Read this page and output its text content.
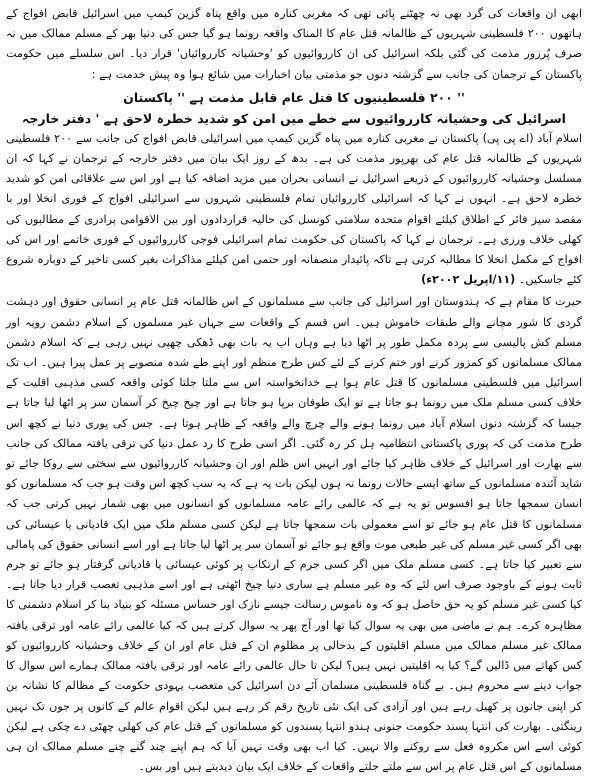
ابھی ان واقعات کی گرد بھی نہ چھٹنے پائی تھی کہ مغربی کنارہ میں واقع پناہ گزین کیمپ میں اسرائیل قابض افواج کے ہاتھوں ۲۰۰ فلسطینی شہریوں کے ظالمانہ قتل عام کا المناک واقعہ رونما ہو گیا جس کی دنیا بھر کے مسلم ممالک میں نہ صرف پُرزور مذمت کی گئی بلکہ اسرائیل کی ان کارروائیوں کو 'وحشیانہ کارروائیاں' قرار دیا۔ اس سلسلے میں حکومت پاکستان کے ترجمان کی جانب سے گزشتہ دنوں جو مذمتی بیان اخبارات میں شائع ہوا وہ پیش خدمت ہے :

'' ۲۰۰ فلسطینیوں کا قتل عام قابل مذمت ہے '' پاکستان

اسرائیل کی وحشیانہ کارروائیوں سے خطے میں امن کو شدید خطرہ لاحق ہے ' دفتر خارجہ

اسلام آباد (اے پی پی) پاکستان نے مغربی کنارہ میں پناہ گزین کیمپ میں اسرائیلی قابض افواج کی جانب سے ۲۰۰ فلسطینی شہریوں کے ظالمانہ قتل عام کی بھرپور مذمت کی ہے۔ بدھ کے روز ایک بیان میں دفتر خارجہ کے ترجمان نے کہا کہ ان مسلسل وحشیانہ کارروائیوں کے ذریعے اسرائیل نے انسانی بحران میں مزید اضافہ کیا ہے اور اس سے علاقائی امن کو شدید خطرہ لاحق ہے۔ انہوں نے کہا کہ اسرائیلی کارروائیاں تمام فلسطینی شہروں سے اسرائیلی افواج کے فوری انخلا اور با مقصد سیز فائر کے اطلاق کیلئے اقوام متحدہ سلامتی کونسل کی حالیہ قراردادوں اور بین الاقوامی برادری کے مطالبوں کی کھلی خلاف ورزی ہے۔ ترجمان نے کہا کہ پاکستان کی حکومت تمام اسرائیلی فوجی کارروائیوں کے فوری خاتمے اور اس کی افواج کے مکمل انخلا کا مطالبہ کرتی ہے تاکہ پائیدار منصفانہ اور حتمی امن کیلئے مذاکرات بغیر کسی تاخیر کے دوبارہ شروع کئے جاسکیں۔ (۱۱/اپریل ۲۰۰۲ء)

حیرت کا مقام ہے کہ ہندوستان اور اسرائیل کی جانب سے مسلمانوں کے اس ظالمانہ قتل عام پر انسانی حقوق اور دہشت گردی کا شور مچانے والے طبقات خاموش ہیں۔ اس قسم کے واقعات سے جہاں غیر مسلموں کے اسلام دشمن رویہ اور مسلم کش پالیسی سے پردہ مکمل طور پر اٹھا دیا ہے وہاں اب یہ بات بھی ڈھکی چھپی نہیں رہی ہے کہ اسلام دشمن ممالک مسلمانوں کو کمزور کرنے اور ختم کرنے کے لئے کس طرح منظم اور اپنے طے شدہ منصوبے پر عمل پیرا ہیں۔ اب تک اسرائیل میں فلسطینی مسلمانوں کا قتل عام ہوا ہے خدانخواستہ اس سے ملتا جلتا کوئی واقعہ کسی مذہبی اقلیت کے خلاف کسی مسلم ملک میں رونما ہو جاتا ہے تو ایک طوفان برپا ہو جاتا ہے اور چیخ چیخ کر آسمان سر پر اٹھا لیا جاتا ہے جیسا کہ گزشتہ دنوں اسلام آباد میں رونما ہونے والے چرچ والے واقعہ کے ظاہر ہوتا ہے۔ جس کی پوری دنیا نے کچھ اس طرح مذمت کی کہ پوری پاکستانی انتظامیہ ہل کر رہ گئی۔ اگر اسی طرح کا رد عمل دنیا کی ترقی یافتہ ممالک کی جانب سے بھارت اور اسرائیل کے خلاف ظاہر کیا جائے اور انہیں اس ظلم اور ان وحشیانہ کارروائیوں سے سختی سے روکا جائے تو شاید آئندہ مسلمانوں کے ساتھ ایسے حالات رونما نہ ہوں لیکن بات یہ ہے کہ یہ سب کچھ اس وقت ہو جب کہ مسلمانوں کو انسان سمجھا جاتا ہو افسوس تو یہ ہے کہ عالمی رائے عامہ مسلمانوں کو انسانوں میں بھی شمار نہیں کرتی جب کہ مسلمانوں کا قتل عام ہو جائے تو اسے معمولی بات سمجھا جاتا ہے لیکن کسی مسلم ملک میں ایک قادیانی یا عیسائی کی بھی اگر کسی غیر مسلم کی غیر طبعی موت واقع ہو جائے تو آسمان سر پر اٹھا لیا جاتا ہے اور اسے انسانی حقوق کی پامالی سے تعبیر کیا جاتا ہے۔ کسی مسلم ملک میں اگر کسی جرم کے ارتکاب پر کوئی عیسائی یا قادیانی گرفتار ہو جائے تو جرم ثابت ہونے کے باوجود صرف اس لئے کہ وہ غیر مسلم ہے ساری دنیا چیخ اٹھتی ہے اور اسے مذہبی تعصب قرار دیا جاتا ہے۔ کیا کسی غیر مسلم کو یہ حق حاصل ہو کہ وہ ناموس رسالت جیسے نازک اور حساس مسئلہ کو بنیاد بنا کر اسلام دشمنی کا مظاہرہ کرے۔ ہم نے ماضی میں بھی یہ سوال کیا تھا اور آج پھر یہ سوال کرتے ہیں کہ کیا عالمی رائے عامہ اور ترقی یافتہ ممالک غیر مسلم ممالک میں مسلم اقلیتوں کے بدحالی پر مظلوم ان کے قتل عام اور ان کے خلاف وحشیانہ کارروائیوں کو کس کھاتے میں ڈالیں گے؟ کیا یہ اقلیتیں نہیں ہیں؟ لیکن تا حال عالمی رائے عامہ اور ترقی یافتہ ممالک ہمارے اس سوال کا جواب دینے سے محروم ہیں۔ بے گناہ فلسطینی مسلمان آئے دن اسرائیل کی متعصب یہودی حکومت کے مظالم کا نشانہ بن کر اپنی جانوں پر کھیل رہے ہیں اور آزادی کی ایک نئی تاریخ رقم کر رہے ہیں لیکن اقوام عالم کے کانوں پر جوں تک نہیں رینگتی۔ بھارت کی انتہا پسند حکومت جنونی ہندو انتہا پسندوں کو مسلمانوں کے قتل عام کی کھلی چھٹی دے چکی ہے لیکن کوئی اسے اس مکروہ فعل سے روکنے والا نہیں۔ کیا اب بھی وقت نہیں آیا کہ ہم اپنے چند گنے چنے مسلم ممالک ان ہی مسلمانوں کے اس قتل عام پر اس سے ملتے جلتے واقعات کے خلاف ایک بیان دیدیتے ہیں اور بس۔
